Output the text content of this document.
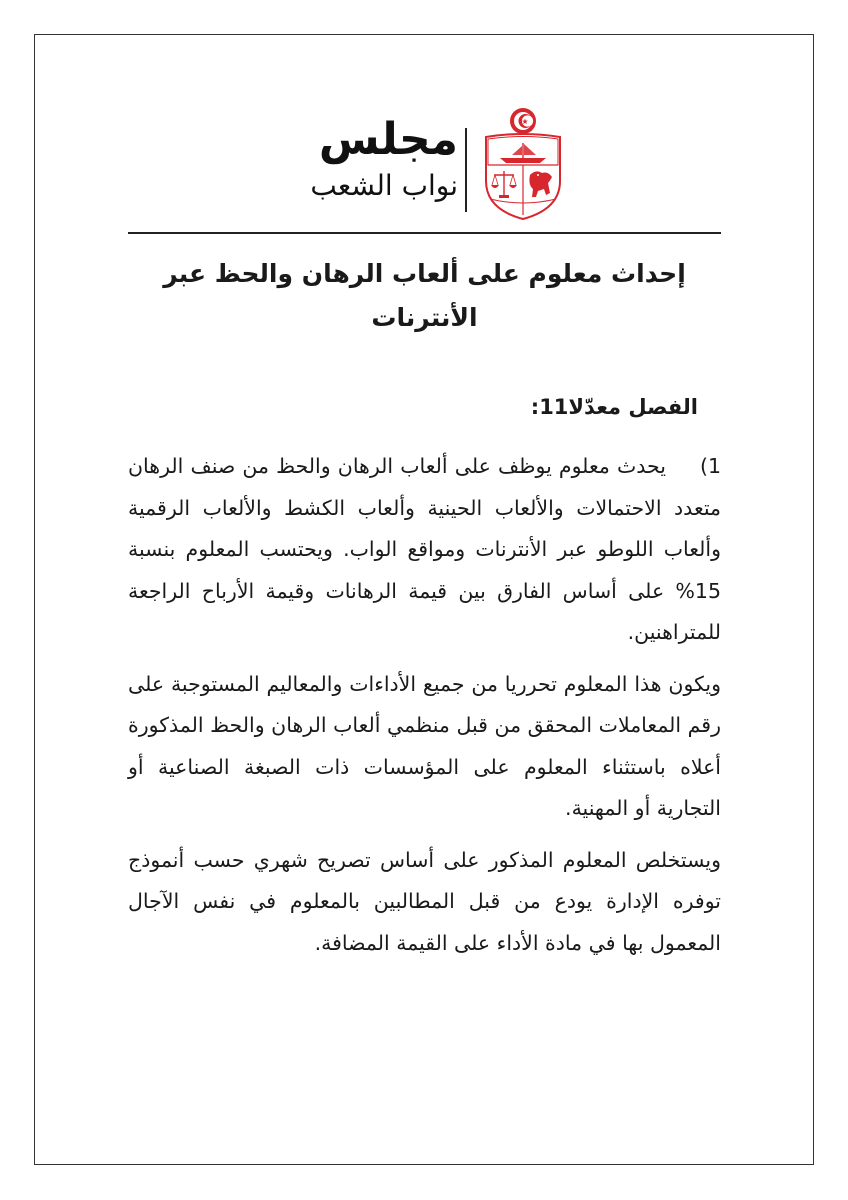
مجلس
نواب الشعب
إحداث معلوم على ألعاب الرهان والحظ عبر الأنترنات
الفصل معدّلا11:

1)يحدث معلوم يوظف على ألعاب الرهان والحظ من صنف الرهان متعدد الاحتمالات والألعاب الحينية وألعاب الكشط والألعاب الرقمية وألعاب اللوطو عبر الأنترنات ومواقع الواب. ويحتسب المعلوم بنسبة 15% على أساس الفارق بين قيمة الرهانات وقيمة الأرباح الراجعة للمتراهنين.

ويكون هذا المعلوم تحرريا من جميع الأداءات والمعاليم المستوجبة على رقم المعاملات المحقق من قبل منظمي ألعاب الرهان والحظ المذكورة أعلاه باستثناء المعلوم على المؤسسات ذات الصبغة الصناعية أو التجارية أو المهنية.

ويستخلص المعلوم المذكور على أساس تصريح شهري حسب أنموذج توفره الإدارة يودع من قبل المطالبين بالمعلوم في نفس الآجال المعمول بها في مادة الأداء على القيمة المضافة.
